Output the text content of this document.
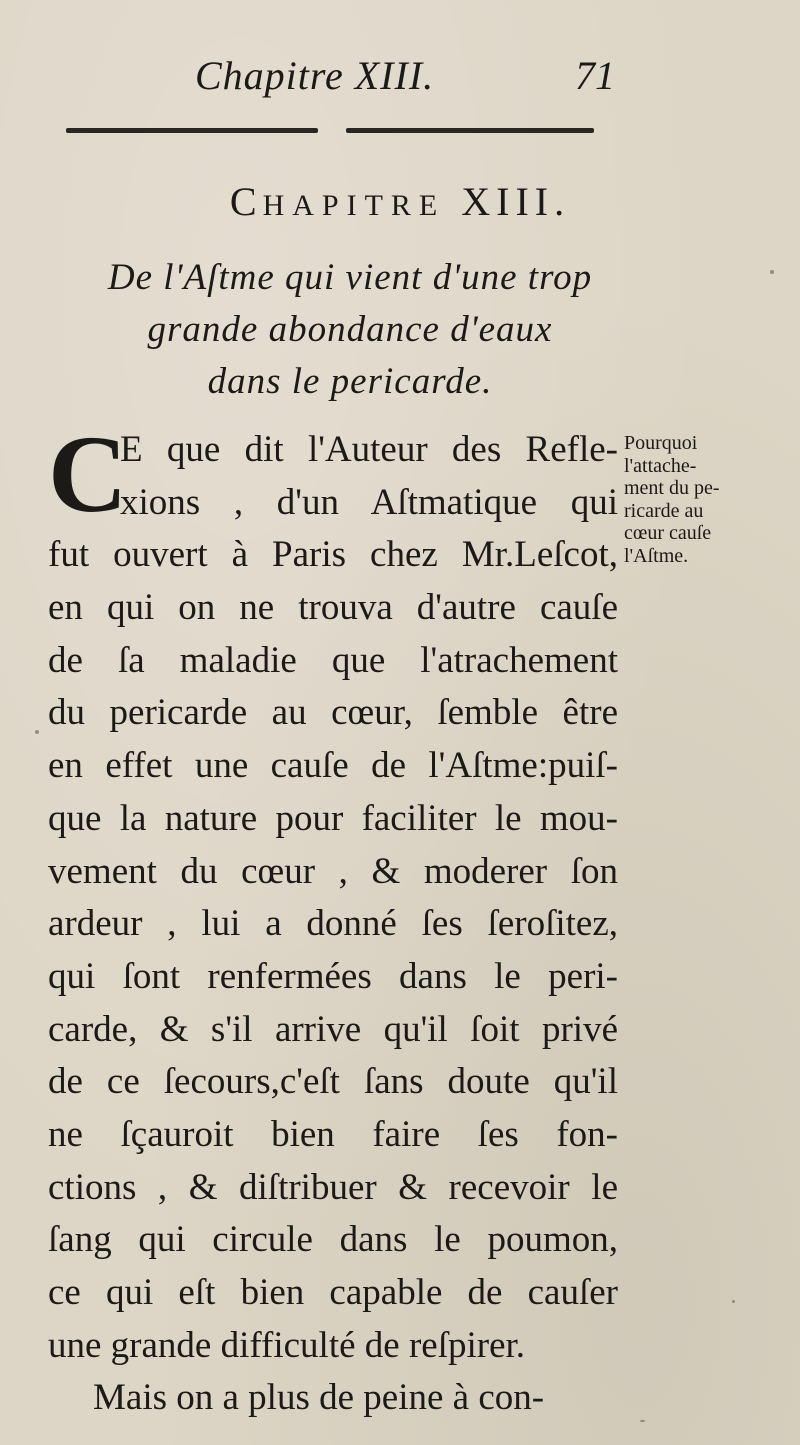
Chapitre XIII.	71
CHAPITRE XIII.
De l'Aſtme qui vient d'une trop
grande abondance d'eaux
dans le pericarde.
C
E que dit l'Auteur des Refle-
xions , d'un Aſtmatique qui
fut ouvert à Paris chez Mr.Leſcot,
en qui on ne trouva d'autre cauſe
de ſa maladie que l'atrachement
du pericarde au cœur, ſemble être
en effet une cauſe de l'Aſtme:puiſ-
que la nature pour faciliter le mou-
vement du cœur , & moderer ſon
ardeur , lui a donné ſes ſeroſitez,
qui ſont renfermées dans le peri-
carde, & s'il arrive qu'il ſoit privé
de ce ſecours,c'eſt ſans doute qu'il
ne ſçauroit bien faire ſes fon-
ctions , & diſtribuer & recevoir le
ſang qui circule dans le poumon,
ce qui eſt bien capable de cauſer
une grande difficulté de reſpirer.
Mais on a plus de peine à con-
Pourquoi
l'attache-
ment du pe-
ricarde au
cœur cauſe
l'Aſtme.
